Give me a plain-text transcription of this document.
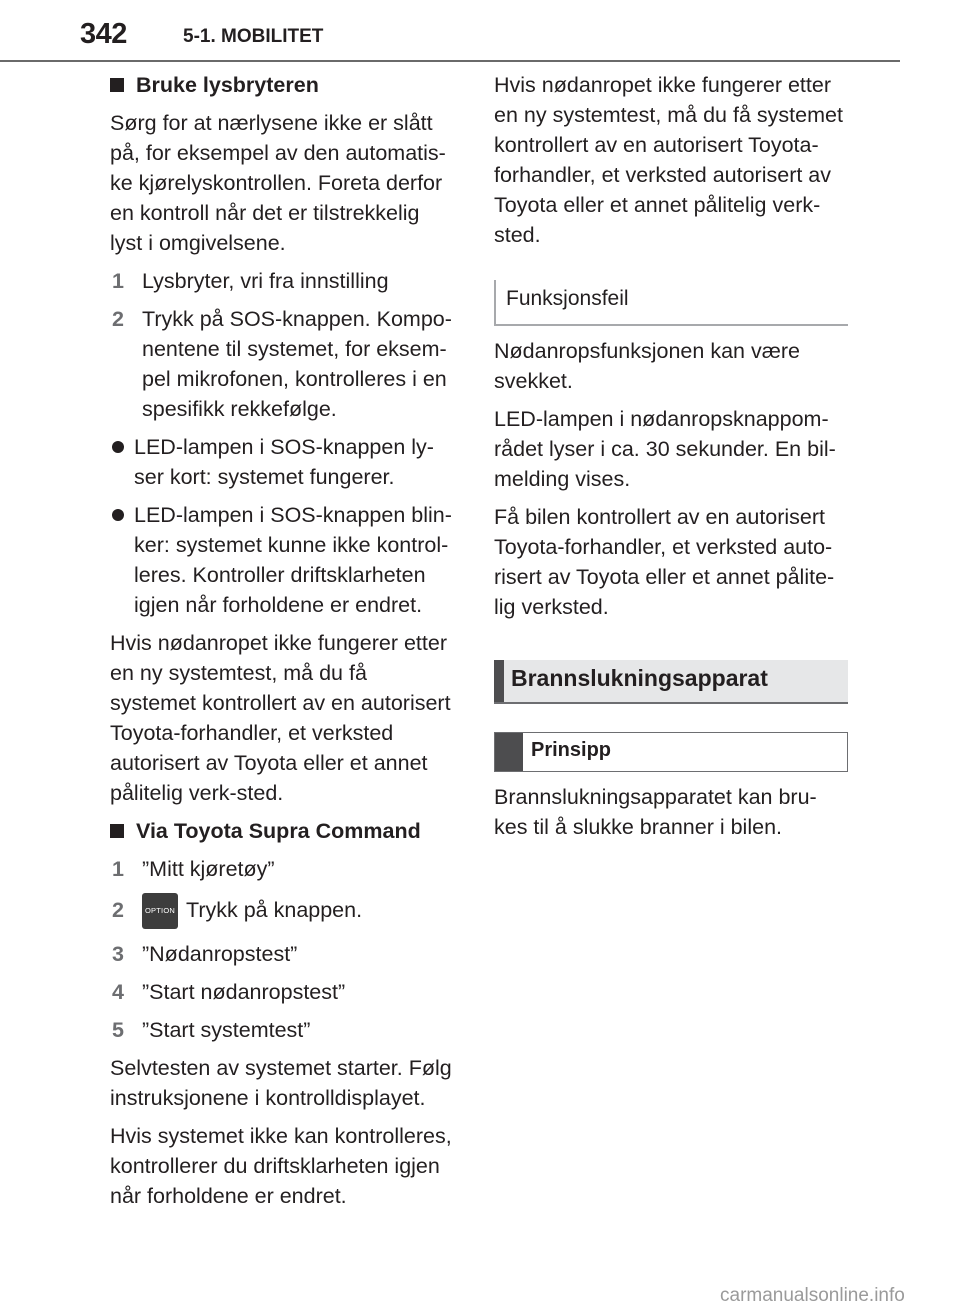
342	5-1. MOBILITET
Bruke lysbryteren

Sørg for at nærlysene ikke er slått på, for eksempel av den automatis-ke kjørelyskontrollen. Foreta derfor en kontroll når det er tilstrekkelig lyst i omgivelsene.

1 Lysbryter, vri fra innstilling
2 Trykk på SOS-knappen. Kompo-nentene til systemet, for eksem-pel mikrofonen, kontrolleres i en spesifikk rekkefølge.
LED-lampen i SOS-knappen ly-ser kort: systemet fungerer.
LED-lampen i SOS-knappen blin-ker: systemet kunne ikke kontrol-leres. Kontroller driftsklarheten igjen når forholdene er endret.

Hvis nødanropet ikke fungerer etter en ny systemtest, må du få systemet kontrollert av en autorisert Toyota-forhandler, et verksted autorisert av Toyota eller et annet pålitelig verk-sted.

Via Toyota Supra Command
1 ”Mitt kjøretøy”
2	OPTION Trykk på knappen.
3 ”Nødanropstest”
4 ”Start nødanropstest”
5 ”Start systemtest”

Selvtesten av systemet starter. Følg instruksjonene i kontrolldisplayet.

Hvis systemet ikke kan kontrolleres, kontrollerer du driftsklarheten igjen når forholdene er endret.

Hvis nødanropet ikke fungerer etter en ny systemtest, må du få systemet kontrollert av en autorisert Toyota-forhandler, et verksted autorisert av Toyota eller et annet pålitelig verk-sted.

Funksjonsfeil

Nødanropsfunksjonen kan være svekket.

LED-lampen i nødanropsknappom-rådet lyser i ca. 30 sekunder. En bil-melding vises.

Få bilen kontrollert av en autorisert Toyota-forhandler, et verksted auto-risert av Toyota eller et annet pålite-lig verksted.

Brannslukningsapparat
Prinsipp

Brannslukningsapparatet kan bru-kes til å slukke branner i bilen.

carmanualsonline.info
